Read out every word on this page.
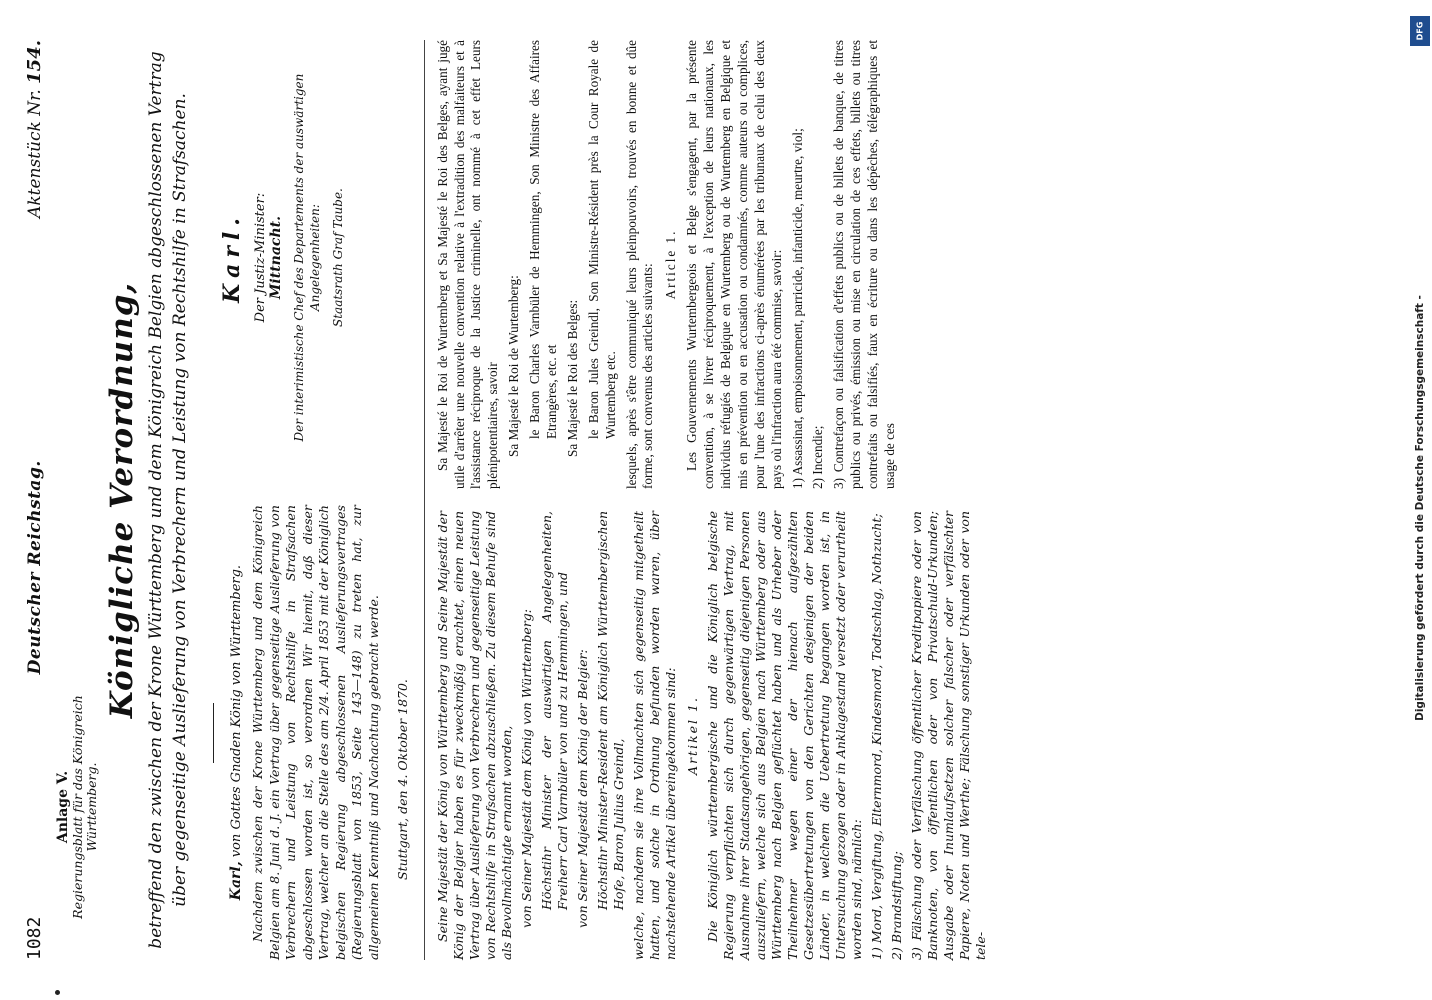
1082
Deutscher Reichstag.
Aktenstück Nr. 154.
Anlage V. Regierungsblatt für das Königreich Württemberg.
Königliche Verordnung, betreffend den zwischen der Krone Württemberg und dem Königreich Belgien abgeschlossenen Vertrag über gegenseitige Auslieferung von Verbrechern und Leistung von Rechtshilfe in Strafsachen.	Karl, von Gottes Gnaden König von Württemberg. Nachdem zwischen der Krone Württemberg und dem Königreich Belgien am 8. Juni d. J. ein Vertrag über gegenseitige Auslieferung von Verbrechern und Leistung von Rechtshilfe in Strafsachen abgeschlossen worden ist, so verordnen Wir hiemit, daß dieser Vertrag, welcher an die Stelle des am 2/4. April 1853 mit der Königlich belgischen Regierung abgeschlossenen Auslieferungsvertrages (Regierungsblatt von 1853, Seite 143—148) zu treten hat, zur allgemeinen Kenntniß und Nachachtung gebracht werde. Stuttgart, den 4. Oktober 1870.
Karl. Der Justiz-Minister: Mittnacht. Der interimistische Chef des Departements der auswärtigen Angelegenheiten: Staatsrath Graf Taube.

Seine Majestät der König von Württemberg und Seine Majestät der König der Belgier haben es für zweckmäßig erachtet, einen neuen Vertrag über Auslieferung von Verbrechern und gegenseitige Leistung von Rechtshilfe in Strafsachen abzuschließen. Zu diesem Behufe sind als Bevollmächtigte ernannt worden, von Seiner Majestät dem König von Württemberg: Höchstihr Minister der auswärtigen Angelegenheiten, Freiherr Carl Varnbüler von und zu Hemmingen, und von Seiner Majestät dem König der Belgier: Höchstihr Minister-Resident am Königlich Württembergischen Hofe, Baron Julius Greindl, welche, nachdem sie ihre Vollmachten sich gegenseitig mitgetheilt hatten, und solche in Ordnung befunden worden waren, über nachstehende Artikel übereingekommen sind: Artikel 1. Die Königlich württembergische und die Königlich belgische Regierung verpflichten sich durch gegenwärtigen Vertrag, mit Ausnahme ihrer Staatsangehörigen, gegenseitig diejenigen Personen auszuliefern, welche sich aus Belgien nach Württemberg oder aus Württemberg nach Belgien geflüchtet haben und als Urheber oder Theilnehmer wegen einer der hienach aufgezählten Gesetzesübertretungen von den Gerichten desjenigen der beiden Länder, in welchem die Uebertretung begangen worden ist, in Untersuchung gezogen oder in Anklagestand versetzt oder verurtheilt worden sind, nämlich: 1) Mord, Vergiftung, Elternmord, Kindesmord, Todtschlag, Nothzucht;

2) Brandstiftung;

3) Fälschung oder Verfälschung öffentlicher Kreditpapiere oder von Banknoten, von öffentlichen oder von Privatschuld-Urkunden; Ausgabe oder Inumlaufsetzen solcher falscher oder verfälschter Papiere, Noten und Werthe; Fälschung sonstiger Urkunden oder von tele-

Sa Majesté le Roi de Wurtemberg et Sa Majesté le Roi des Belges, ayant jugé utile d'arrêter une nouvelle convention relative à l'extradition des malfaiteurs et à l'assistance réciproque de la Justice criminelle, ont nommé à cet effet Leurs plénipotentiaires, savoir Sa Majesté le Roi de Wurtemberg: le Baron Charles Varnbüler de Hemmingen, Son Ministre des Affaires Etrangères, etc. et Sa Majesté le Roi des Belges: le Baron Jules Greindl, Son Ministre-Résident près la Cour Royale de Wurtemberg etc. lesquels, après s'être communiqué leurs pleinpouvoirs, trouvés en bonne et dûe forme, sont convenus des articles suivants: Article 1. Les Gouvernements Wurtembergeois et Belge s'engagent, par la présente convention, à se livrer réciproquement, à l'exception de leurs nationaux, les individus réfugiés de Belgique en Wurtemberg ou de Wurtemberg en Belgique et mis en prévention ou en accusation ou condamnés, comme auteurs ou complices, pour l'une des infractions ci-après énumérées par les tribunaux de celui des deux pays où l'infraction aura été commise, savoir: 1) Assassinat, empoisonnement, parricide, infanticide, meurtre, viol;

2) Incendie;

3) Contrefaçon ou falsification d'effets publics ou de billets de banque, de titres publics ou privés, émission ou mise en circulation de ces effets, billets ou titres contrefaits ou falsifiés, faux en écriture ou dans les dépêches, télégraphiques et usage de ces

DFG
Digitalisierung gefördert durch die Deutsche Forschungsgemeinschaft -
